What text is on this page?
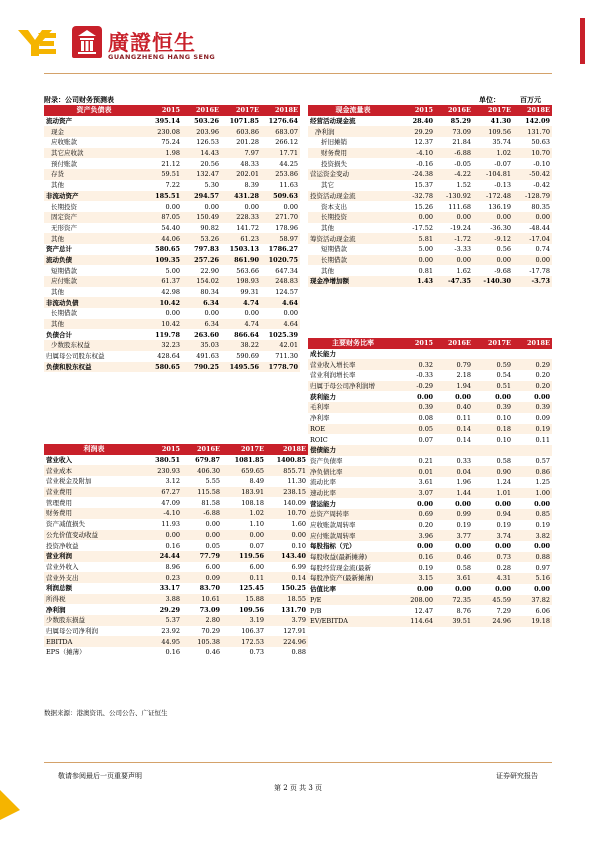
廣證恒生
GUANGZHENG HANG SENG
附录：公司财务预测表	单位：	百万元
资产负债表	2015	2016E	2017E	2018E
流动资产	395.14	503.26	1071.85	1276.64
现金	230.08	203.96	603.86	683.07
应收账款	75.24	126.53	201.28	266.12
其它应收款	1.98	14.43	7.97	17.71
预付账款	21.12	20.56	48.33	44.25
存货	59.51	132.47	202.01	253.86
其他	7.22	5.30	8.39	11.63
非流动资产	185.51	294.57	431.28	509.63
长期投资	0.00	0.00	0.00	0.00
固定资产	87.05	150.49	228.33	271.70
无形资产	54.40	90.82	141.72	178.96
其他	44.06	53.26	61.23	58.97
资产总计	580.65	797.83	1503.13	1786.27
流动负债	109.35	257.26	861.90	1020.75
短期借款	5.00	22.90	563.66	647.34
应付账款	61.37	154.02	198.93	248.83
其他	42.98	80.34	99.31	124.57
非流动负债	10.42	6.34	4.74	4.64
长期借款	0.00	0.00	0.00	0.00
其他	10.42	6.34	4.74	4.64
负债合计	119.78	263.60	866.64	1025.39
少数股东权益	32.23	35.03	38.22	42.01
归属母公司股东权益	428.64	491.63	590.69	711.30
负债和股东权益	580.65	790.25	1495.56	1778.70
现金流量表	2015	2016E	2017E	2018E
经营活动现金流	28.40	85.29	41.30	142.09
净利润	29.29	73.09	109.56	131.70
折旧摊销	12.37	21.84	35.74	50.63
财务费用	-4.10	-6.88	1.02	10.70
投资损失	-0.16	-0.05	-0.07	-0.10
营运资金变动	-24.38	-4.22	-104.81	-50.42
其它	15.37	1.52	-0.13	-0.42
投资活动现金流	-32.78	-130.92	-172.48	-128.79
资本支出	15.26	111.68	136.19	80.35
长期投资	0.00	0.00	0.00	0.00
其他	-17.52	-19.24	-36.30	-48.44
筹资活动现金流	5.81	-1.72	-9.12	-17.04
短期借款	5.00	-3.33	0.56	0.74
长期借款	0.00	0.00	0.00	0.00
其他	0.81	1.62	-9.68	-17.78
现金净增加额	1.43	-47.35	-140.30	-3.73
主要财务比率	2015	2016E	2017E	2018E
成长能力				
营业收入增长率	0.32	0.79	0.59	0.29
营业利润增长率	-0.33	2.18	0.54	0.20
归属于母公司净利润增	-0.29	1.94	0.51	0.20
获利能力	0.00	0.00	0.00	0.00
毛利率	0.39	0.40	0.39	0.39
净利率	0.08	0.11	0.10	0.09
ROE	0.05	0.14	0.18	0.19
ROIC	0.07	0.14	0.10	0.11
偿债能力				
资产负债率	0.21	0.33	0.58	0.57
净负债比率	0.01	0.04	0.90	0.86
流动比率	3.61	1.96	1.24	1.25
速动比率	3.07	1.44	1.01	1.00
营运能力	0.00	0.00	0.00	0.00
总资产周转率	0.69	0.99	0.94	0.85
应收账款周转率	0.20	0.19	0.19	0.19
应付账款周转率	3.96	3.77	3.74	3.82
每股指标（元）	0.00	0.00	0.00	0.00
每股收益(最新摊薄)	0.16	0.46	0.73	0.88
每股经营现金流(最新	0.19	0.58	0.28	0.97
每股净资产(最新摊薄)	3.15	3.61	4.31	5.16
估值比率	0.00	0.00	0.00	0.00
P/E	208.00	72.35	45.59	37.82
P/B	12.47	8.76	7.29	6.06
EV/EBITDA	114.64	39.51	24.96	19.18
利润表	2015	2016E	2017E	2018E
营业收入	380.51	679.87	1081.85	1400.85
营业成本	230.93	406.30	659.65	855.71
营业税金及附加	3.12	5.55	8.49	11.30
营业费用	67.27	115.58	183.91	238.15
管理费用	47.09	81.58	108.18	140.09
财务费用	-4.10	-6.88	1.02	10.70
资产减值损失	11.93	0.00	1.10	1.60
公允价值变动收益	0.00	0.00	0.00	0.00
投资净收益	0.16	0.05	0.07	0.10
营业利润	24.44	77.79	119.56	143.40
营业外收入	8.96	6.00	6.00	6.99
营业外支出	0.23	0.09	0.11	0.14
利润总额	33.17	83.70	125.45	150.25
所得税	3.88	10.61	15.88	18.55
净利润	29.29	73.09	109.56	131.70
少数股东损益	5.37	2.80	3.19	3.79
归属母公司净利润	23.92	70.29	106.37	127.91
EBITDA	44.95	105.38	172.53	224.96
EPS（摊薄）	0.16	0.46	0.73	0.88
数据来源：港澳资讯、公司公告、广证恒生
敬请参阅最后一页重要声明	证券研究报告
第 2 页 共 3 页
